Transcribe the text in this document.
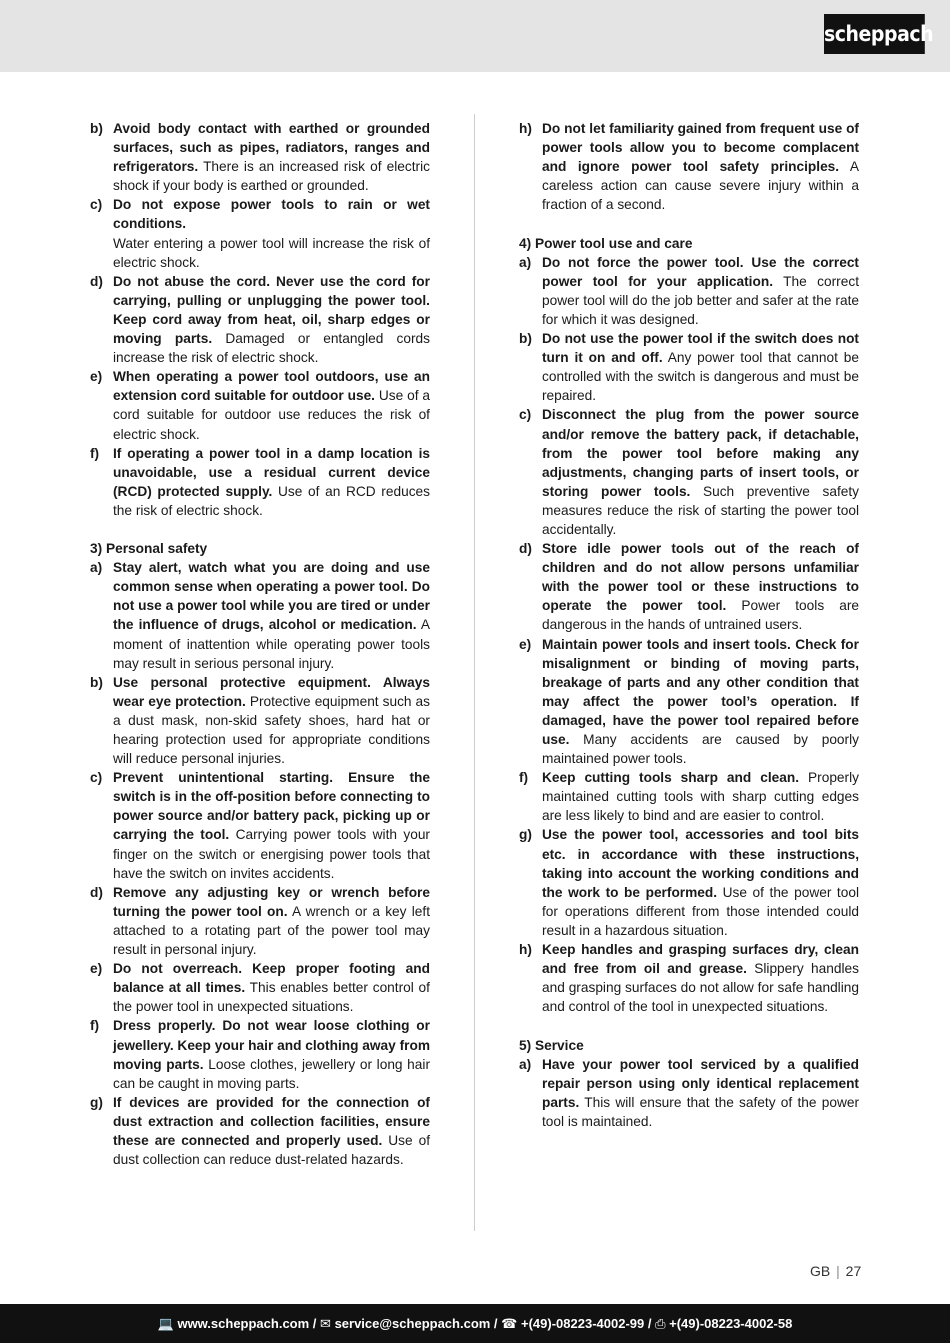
scheppach
b) Avoid body contact with earthed or grounded surfaces, such as pipes, radiators, ranges and refrigerators. There is an increased risk of electric shock if your body is earthed or grounded.
c) Do not expose power tools to rain or wet conditions.
Water entering a power tool will increase the risk of electric shock.
d) Do not abuse the cord. Never use the cord for carrying, pulling or unplugging the power tool. Keep cord away from heat, oil, sharp edges or moving parts. Damaged or entangled cords increase the risk of electric shock.
e) When operating a power tool outdoors, use an extension cord suitable for outdoor use. Use of a cord suitable for outdoor use reduces the risk of electric shock.
f) If operating a power tool in a damp location is unavoidable, use a residual current device (RCD) protected supply. Use of an RCD reduces the risk of electric shock.
3) Personal safety
a) Stay alert, watch what you are doing and use common sense when operating a power tool. Do not use a power tool while you are tired or under the influence of drugs, alcohol or medication. A moment of inattention while operating power tools may result in serious personal injury.
b) Use personal protective equipment. Always wear eye protection. Protective equipment such as a dust mask, non-skid safety shoes, hard hat or hearing protection used for appropriate conditions will reduce personal injuries.
c) Prevent unintentional starting. Ensure the switch is in the off-position before connecting to power source and/or battery pack, picking up or carrying the tool. Carrying power tools with your finger on the switch or energising power tools that have the switch on invites accidents.
d) Remove any adjusting key or wrench before turning the power tool on. A wrench or a key left attached to a rotating part of the power tool may result in personal injury.
e) Do not overreach. Keep proper footing and balance at all times. This enables better control of the power tool in unexpected situations.
f) Dress properly. Do not wear loose clothing or jewellery. Keep your hair and clothing away from moving parts. Loose clothes, jewellery or long hair can be caught in moving parts.
g) If devices are provided for the connection of dust extraction and collection facilities, ensure these are connected and properly used. Use of dust collection can reduce dust-related hazards.
h) Do not let familiarity gained from frequent use of power tools allow you to become complacent and ignore power tool safety principles. A careless action can cause severe injury within a fraction of a second.
4) Power tool use and care
a) Do not force the power tool. Use the correct power tool for your application. The correct power tool will do the job better and safer at the rate for which it was designed.
b) Do not use the power tool if the switch does not turn it on and off. Any power tool that cannot be controlled with the switch is dangerous and must be repaired.
c) Disconnect the plug from the power source and/or remove the battery pack, if detachable, from the power tool before making any adjustments, changing parts of insert tools, or storing power tools. Such preventive safety measures reduce the risk of starting the power tool accidentally.
d) Store idle power tools out of the reach of children and do not allow persons unfamiliar with the power tool or these instructions to operate the power tool. Power tools are dangerous in the hands of untrained users.
e) Maintain power tools and insert tools. Check for misalignment or binding of moving parts, breakage of parts and any other condition that may affect the power tool’s operation. If damaged, have the power tool repaired before use. Many accidents are caused by poorly maintained power tools.
f) Keep cutting tools sharp and clean. Properly maintained cutting tools with sharp cutting edges are less likely to bind and are easier to control.
g) Use the power tool, accessories and tool bits etc. in accordance with these instructions, taking into account the working conditions and the work to be performed. Use of the power tool for operations different from those intended could result in a hazardous situation.
h) Keep handles and grasping surfaces dry, clean and free from oil and grease. Slippery handles and grasping surfaces do not allow for safe handling and control of the tool in unexpected situations.
5) Service
a) Have your power tool serviced by a qualified repair person using only identical replacement parts. This will ensure that the safety of the power tool is maintained.
GB | 27
💻 www.scheppach.com / ✉ service@scheppach.com / ☎ +(49)-08223-4002-99 / ⎙ +(49)-08223-4002-58
